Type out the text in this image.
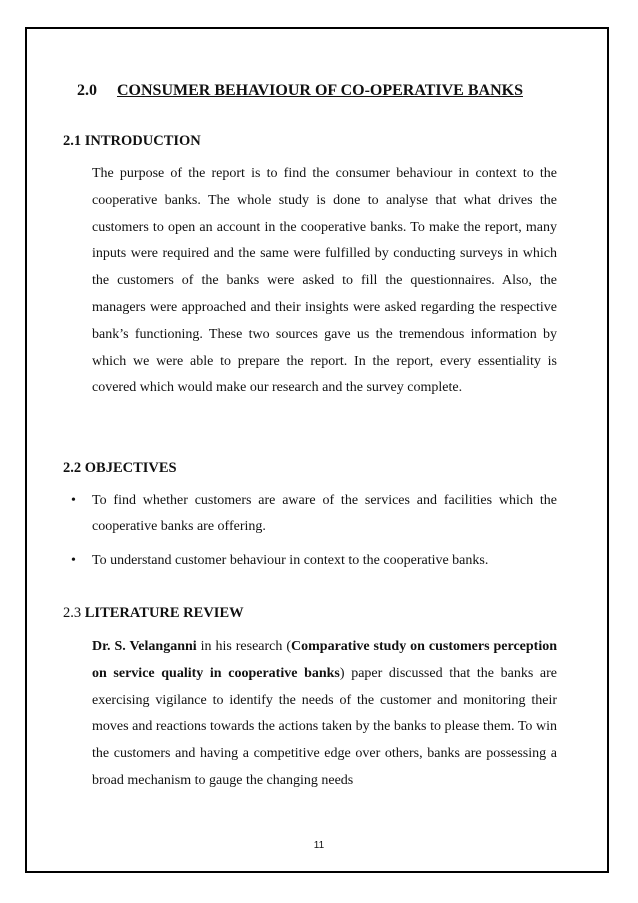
2.0 CONSUMER BEHAVIOUR OF CO-OPERATIVE BANKS
2.1 INTRODUCTION
The purpose of the report is to find the consumer behaviour in context to the cooperative banks. The whole study is done to analyse that what drives the customers to open an account in the cooperative banks. To make the report, many inputs were required and the same were fulfilled by conducting surveys in which the customers of the banks were asked to fill the questionnaires. Also, the managers were approached and their insights were asked regarding the respective bank’s functioning. These two sources gave us the tremendous information by which we were able to prepare the report. In the report, every essentiality is covered which would make our research and the survey complete.
2.2 OBJECTIVES
• To find whether customers are aware of the services and facilities which the cooperative banks are offering.
• To understand customer behaviour in context to the cooperative banks.
2.3 LITERATURE REVIEW
Dr. S. Velanganni in his research (Comparative study on customers perception on service quality in cooperative banks) paper discussed that the banks are exercising vigilance to identify the needs of the customer and monitoring their moves and reactions towards the actions taken by the banks to please them. To win the customers and having a competitive edge over others, banks are possessing a broad mechanism to gauge the changing needs
11
